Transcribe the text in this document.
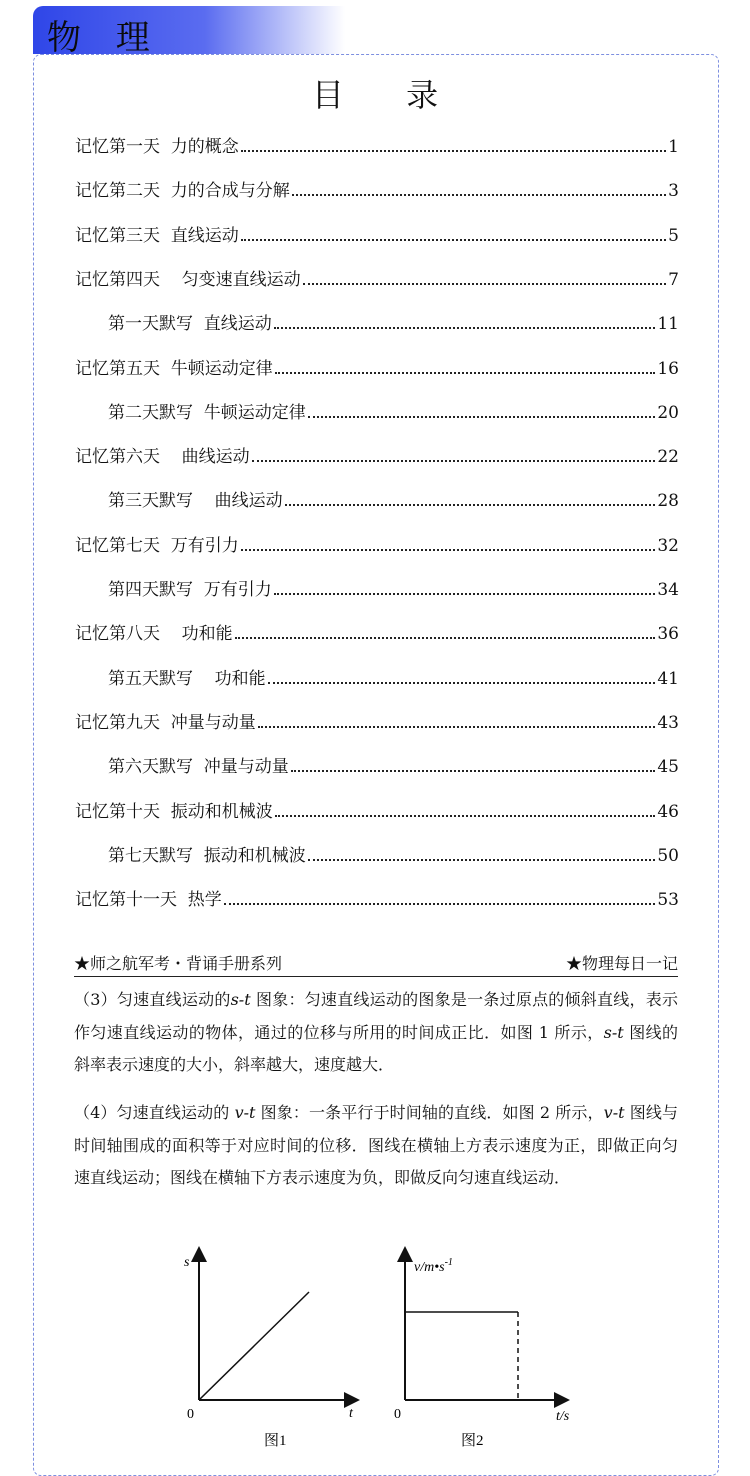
物 理
目 录
记忆第一天  力的概念	1
记忆第二天  力的合成与分解	3
记忆第三天  直线运动	5
记忆第四天    匀变速直线运动	7
第一天默写  直线运动	11
记忆第五天  牛顿运动定律	16
第二天默写  牛顿运动定律	20
记忆第六天    曲线运动	22
第三天默写    曲线运动	28
记忆第七天  万有引力	32
第四天默写  万有引力	34
记忆第八天    功和能	36
第五天默写    功和能	41
记忆第九天  冲量与动量	43
第六天默写  冲量与动量	45
记忆第十天  振动和机械波	46
第七天默写  振动和机械波	50
记忆第十一天  热学	53
★师之航军考・背诵手册系列	★物理每日一记
（3）匀速直线运动的s-t 图象：匀速直线运动的图象是一条过原点的倾斜直线，表示作匀速直线运动的物体，通过的位移与所用的时间成正比．如图 1 所示，s-t 图线的斜率表示速度的大小，斜率越大，速度越大．
（4）匀速直线运动的 v-t 图象：一条平行于时间轴的直线．如图 2 所示，v-t 图线与时间轴围成的面积等于对应时间的位移．图线在横轴上方表示速度为正，即做正向匀速直线运动；图线在横轴下方表示速度为负，即做反向匀速直线运动．
s
t
0
图1
$v/m•s^{-1}$
t/s
0
图2
